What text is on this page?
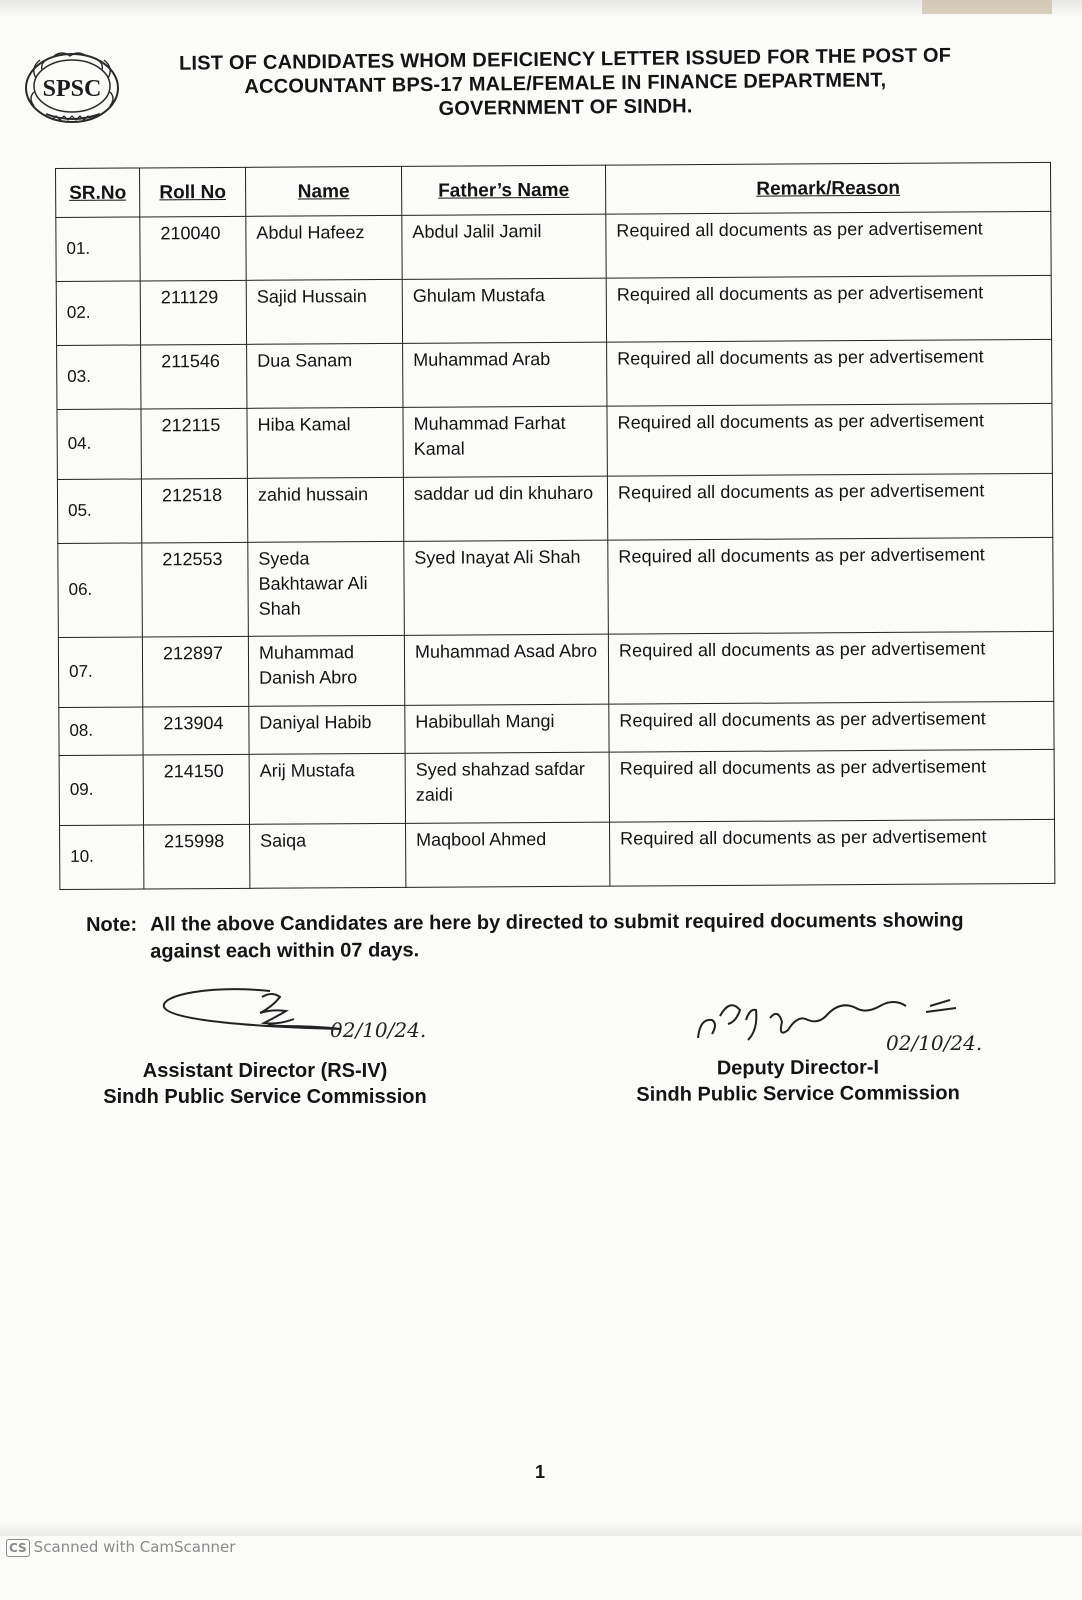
SPSC
LIST OF CANDIDATES WHOM DEFICIENCY LETTER ISSUED FOR THE POST OF
ACCOUNTANT BPS-17 MALE/FEMALE IN FINANCE DEPARTMENT,
GOVERNMENT OF SINDH.
SR.No	Roll No	Name	Father’s Name	Remark/Reason
01.	210040	Abdul Hafeez	Abdul Jalil Jamil	Required all documents as per advertisement
02.	211129	Sajid Hussain	Ghulam Mustafa	Required all documents as per advertisement
03.	211546	Dua Sanam	Muhammad Arab	Required all documents as per advertisement
04.	212115	Hiba Kamal	Muhammad Farhat Kamal	Required all documents as per advertisement
05.	212518	zahid hussain	saddar ud din khuharo	Required all documents as per advertisement
06.	212553	Syeda Bakhtawar Ali Shah	Syed Inayat Ali Shah	Required all documents as per advertisement
07.	212897	Muhammad Danish Abro	Muhammad Asad Abro	Required all documents as per advertisement
08.	213904	Daniyal Habib	Habibullah Mangi	Required all documents as per advertisement
09.	214150	Arij Mustafa	Syed shahzad safdar zaidi	Required all documents as per advertisement
10.	215998	Saiqa	Maqbool Ahmed	Required all documents as per advertisement
Note: All the above Candidates are here by directed to submit required documents showing against each within 07 days.
02/10/24.
02/10/24.
Assistant Director (RS-IV)
Sindh Public Service Commission
Deputy Director-I
Sindh Public Service Commission
1
CS Scanned with CamScanner
